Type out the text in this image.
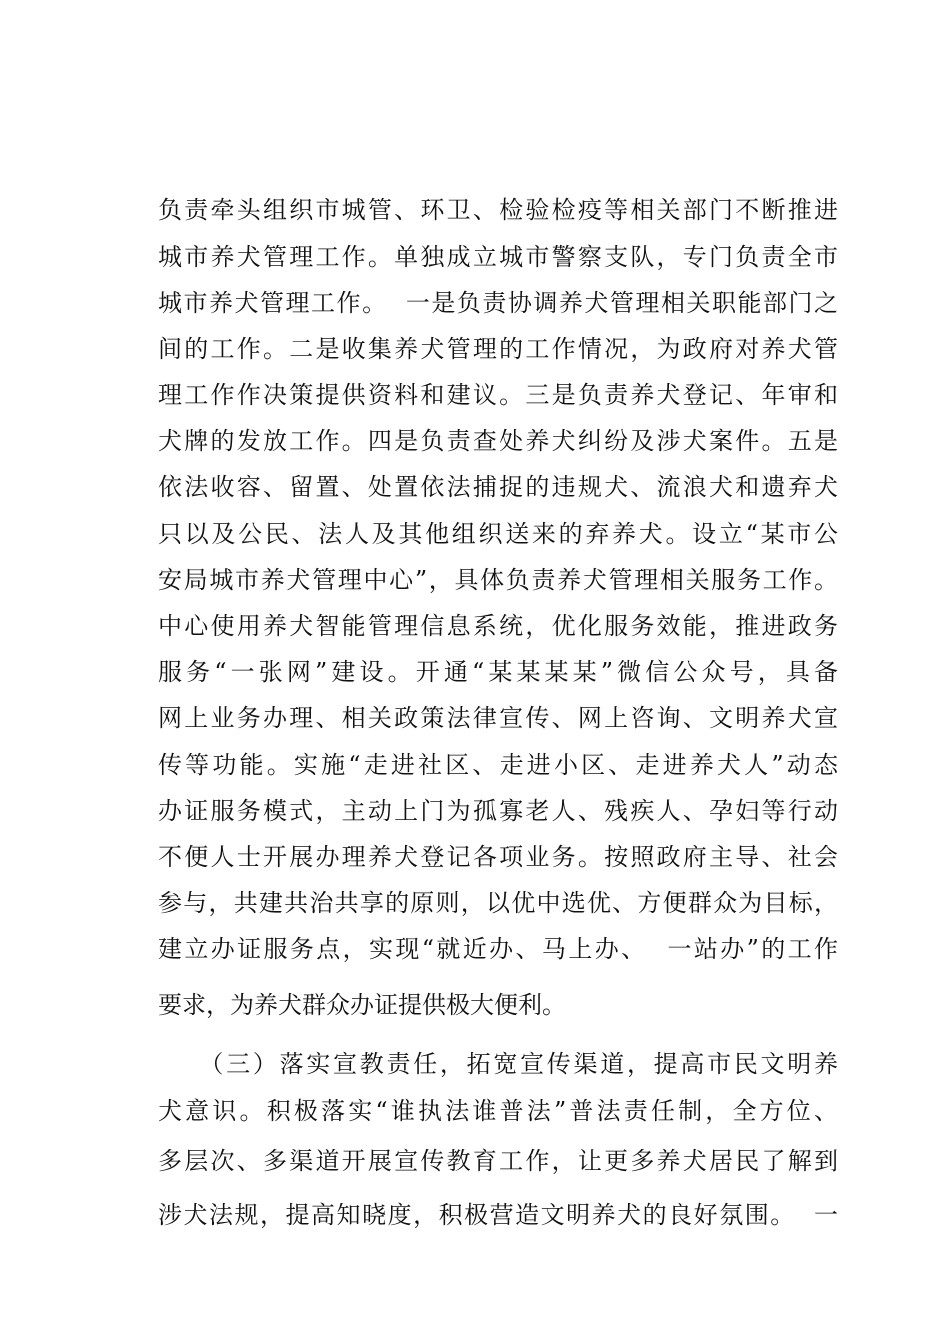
负责牵头组织市城管、环卫、检验检疫等相关部门不断推进
城市养犬管理工作。单独成立城市警察支队，专门负责全市
城市养犬管理工作。  一是负责协调养犬管理相关职能部门之
间的工作。二是收集养犬管理的工作情况，为政府对养犬管
理工作作决策提供资料和建议。三是负责养犬登记、年审和
犬牌的发放工作。四是负责查处养犬纠纷及涉犬案件。五是
依法收容、留置、处置依法捕捉的违规犬、流浪犬和遗弃犬
只以及公民、法人及其他组织送来的弃养犬。设立“某市公
安局城市养犬管理中心”，具体负责养犬管理相关服务工作。
中心使用养犬智能管理信息系统，优化服务效能，推进政务
服务“一张网”建设。开通“某某某某”微信公众号，具备
网上业务办理、相关政策法律宣传、网上咨询、文明养犬宣
传等功能。实施“走进社区、走进小区、走进养犬人”动态
办证服务模式，主动上门为孤寡老人、残疾人、孕妇等行动
不便人士开展办理养犬登记各项业务。按照政府主导、社会
参与，共建共治共享的原则，以优中选优、方便群众为目标，
建立办证服务点，实现“就近办、马上办、  一站办”的工作
要求，为养犬群众办证提供极大便利。
（三）落实宣教责任，拓宽宣传渠道，提高市民文明养
犬意识。积极落实“谁执法谁普法”普法责任制，全方位、
多层次、多渠道开展宣传教育工作，让更多养犬居民了解到
涉犬法规，提高知晓度，积极营造文明养犬的良好氛围。  一
